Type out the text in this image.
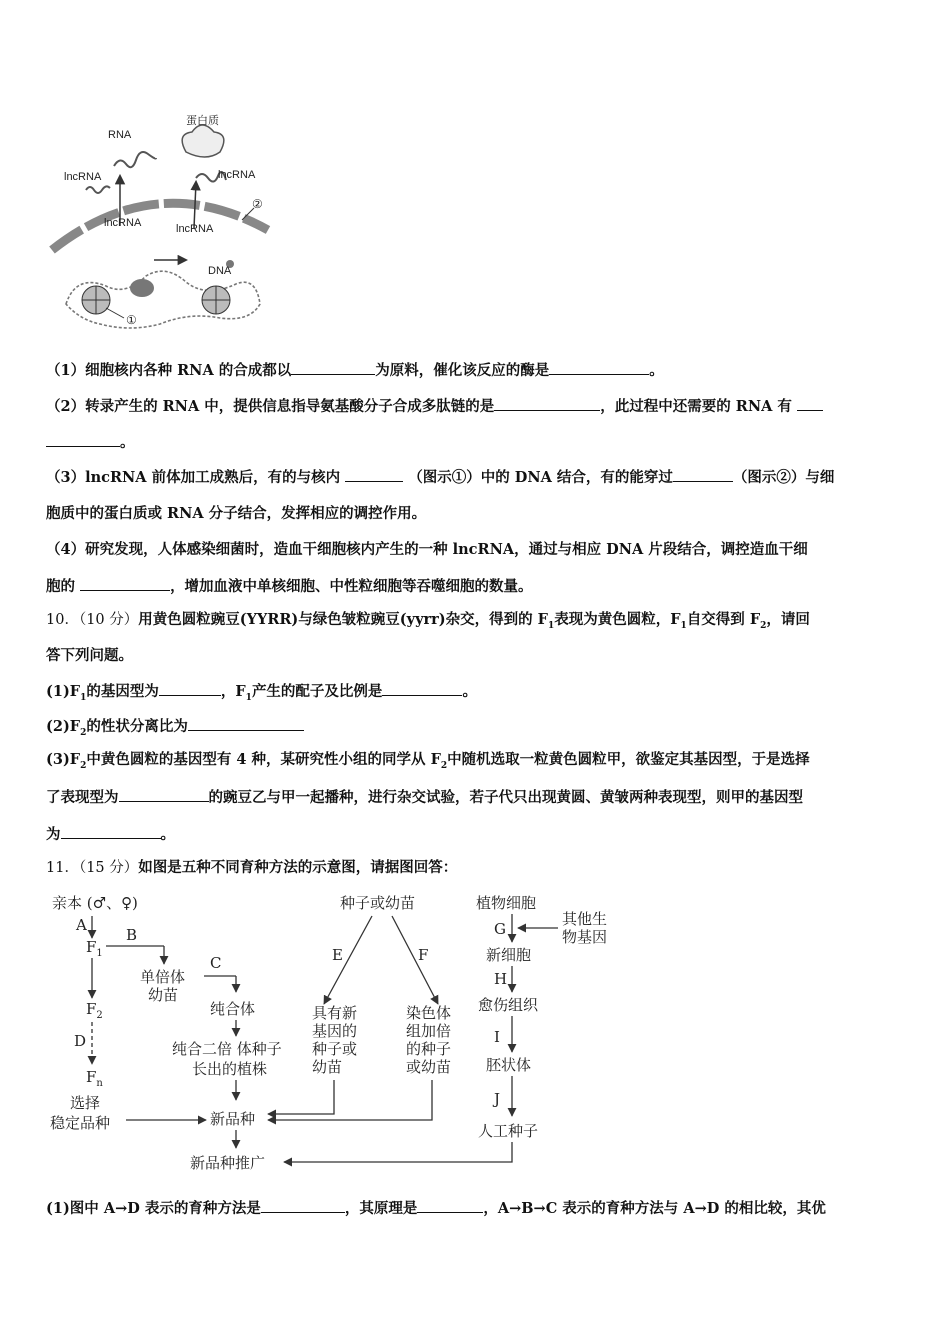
RNA
蛋白质
lncRNA	lncRNA
lncRNA	lncRNA
DNA
①
②
（1）细胞核内各种 RNA 的合成都以	为原料，催化该反应的酶是	。
（2）转录产生的 RNA 中，提供信息指导氨基酸分子合成多肽链的是	，此过程中还需要的 RNA 有
。
（3）lncRNA 前体加工成熟后，有的与核内	（图示①）中的 DNA 结合，有的能穿过	（图示②）与细
胞质中的蛋白质或 RNA 分子结合，发挥相应的调控作用。
（4）研究发现，人体感染细菌时，造血干细胞核内产生的一种 lncRNA，通过与相应 DNA 片段结合，调控造血干细
胞的	，增加血液中单核细胞、中性粒细胞等吞噬细胞的数量。
10．（10 分）用黄色圆粒豌豆(YYRR)与绿色皱粒豌豆(yyrr)杂交，得到的 $F_1$表现为黄色圆粒，$F_1$自交得到 $F_2$，请回
答下列问题。
$(1)F_1$的基因型为	，$F_1$产生的配子及比例是	。
$(2)F_2$的性状分离比为
$(3)F_2$中黄色圆粒的基因型有 4 种，某研究性小组的同学从 $F_2$中随机选取一粒黄色圆粒甲，欲鉴定其基因型，于是选择
了表现型为	的豌豆乙与甲一起播种，进行杂交试验，若子代只出现黄圆、黄皱两种表现型，则甲的基因型
为	。
11．（15 分）如图是五种不同育种方法的示意图，请据图回答：
亲本 (♂、♀)
A
$F_1$
B
单倍体
幼苗
C
纯合体
纯合二倍 体种子
长出的植株
$F_2$
D
$F_n$
选择
稳定品种
种子或幼苗
E	F
具有新
基因的
种子或
幼苗
染色体
组加倍
的种子
或幼苗
新品种
新品种推广
植物细胞
其他生
物基因
G
新细胞
H
愈伤组织
I
胚状体
J
人工种子
(1)图中 A→D 表示的育种方法是	，其原理是	，A→B→C 表示的育种方法与 A→D 的相比较，其优
